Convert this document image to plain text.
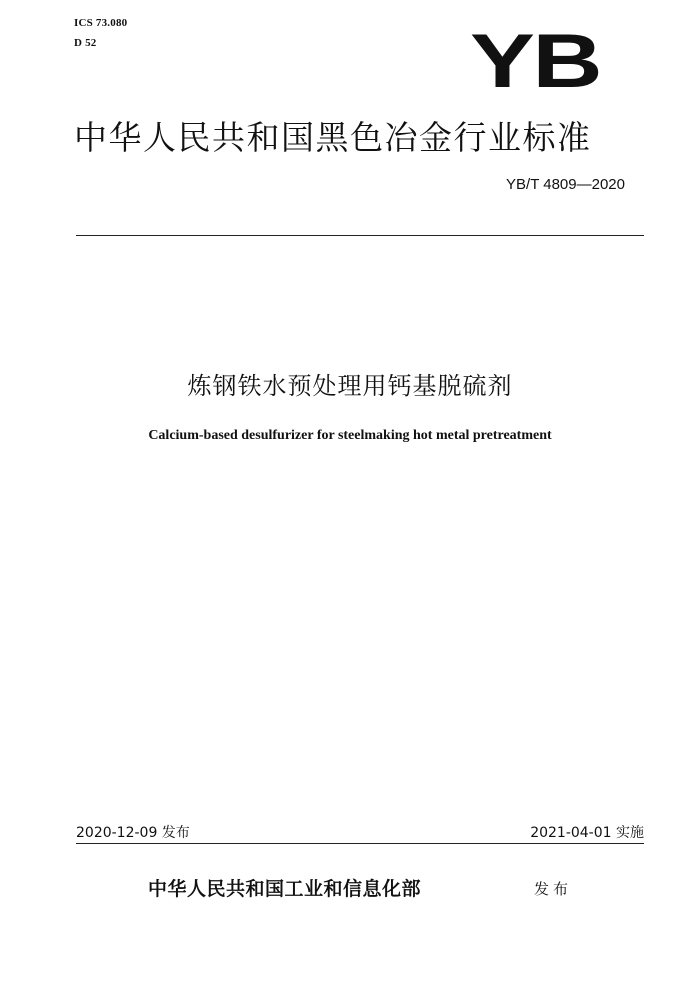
ICS 73.080
D 52	YB
中华人民共和国黑色冶金行业标准
YB/T 4809—2020
炼钢铁水预处理用钙基脱硫剂
Calcium-based desulfurizer for steelmaking hot metal pretreatment
2020-12-09 发布	2021-04-01 实施
中华人民共和国工业和信息化部	发布
